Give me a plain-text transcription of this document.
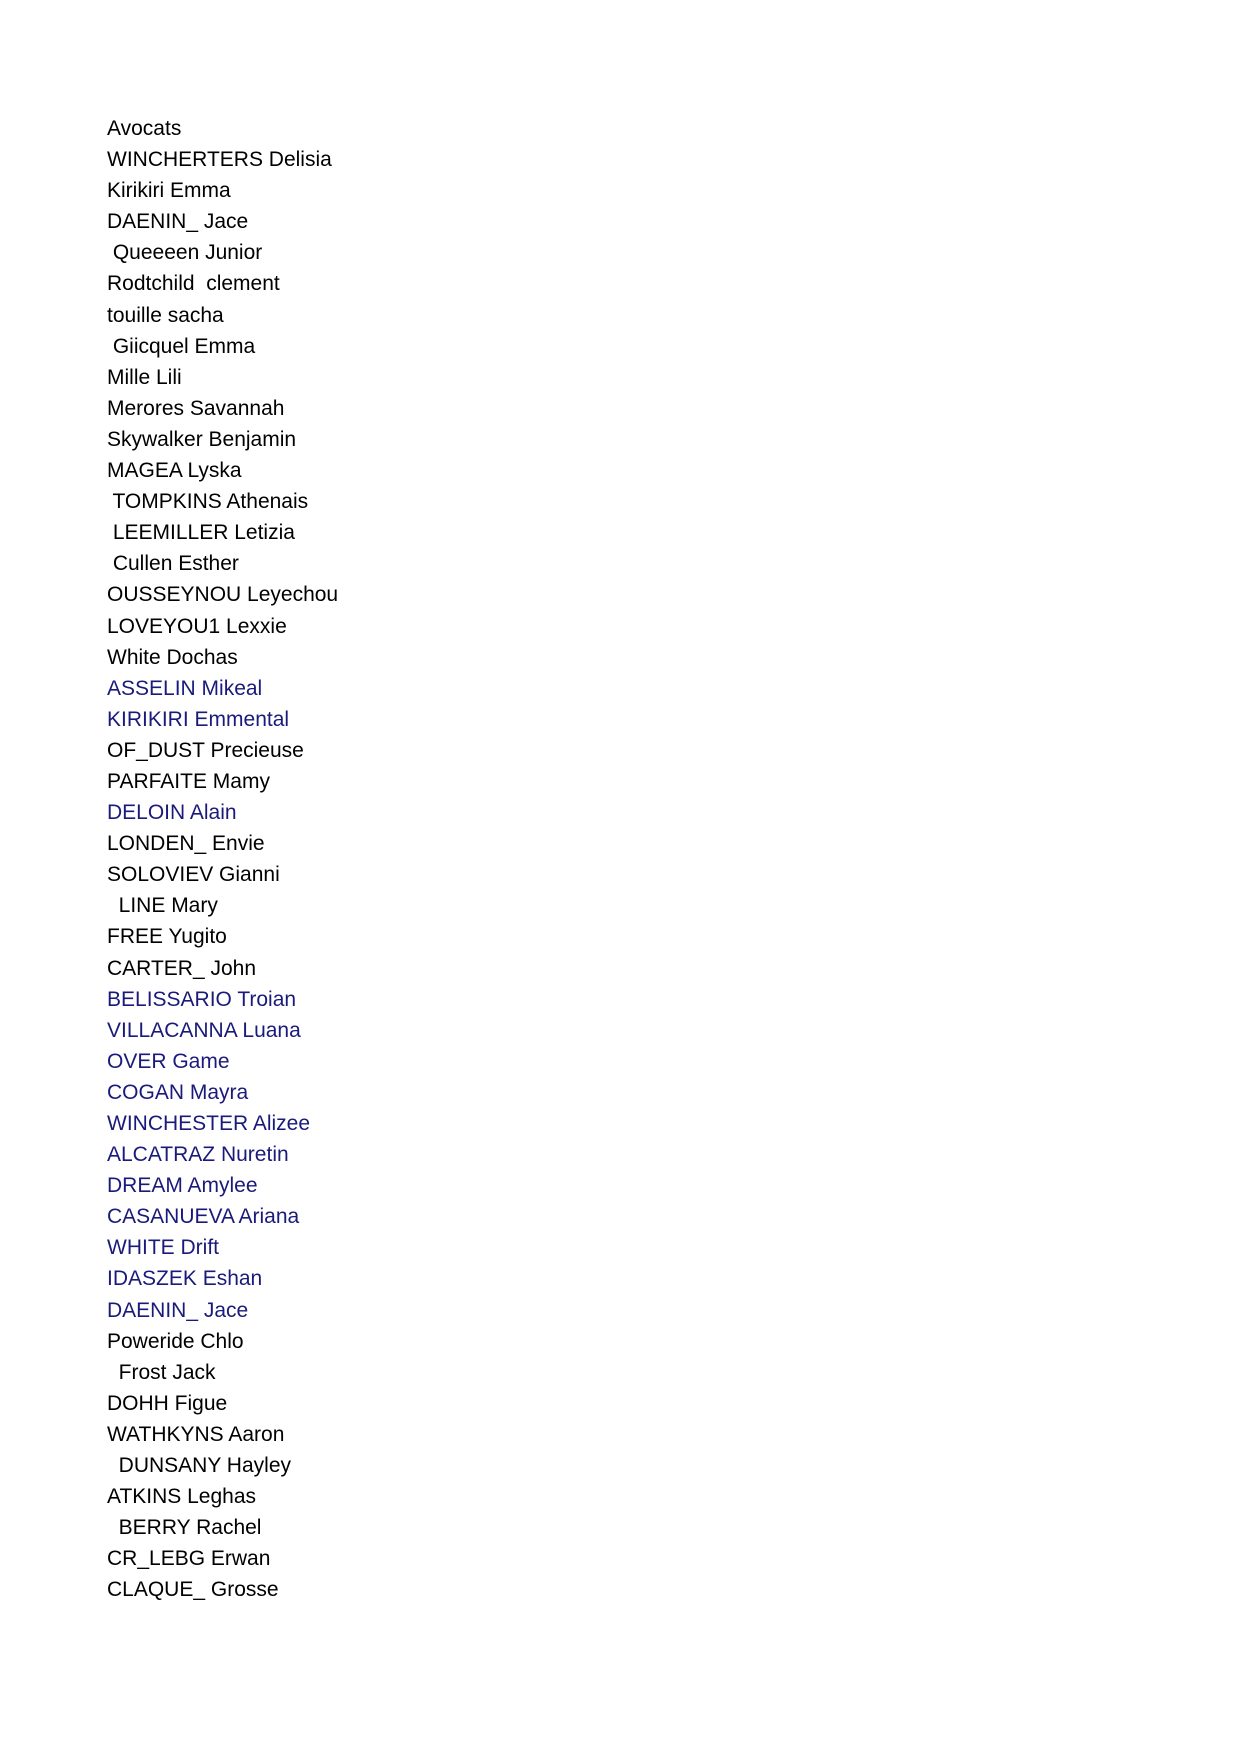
Avocats
WINCHERTERS Delisia
Kirikiri Emma
DAENIN_ Jace
Queeeen Junior
Rodtchild  clement
touille sacha
Giicquel Emma
Mille Lili
Merores Savannah
Skywalker Benjamin
MAGEA Lyska
TOMPKINS Athenais
LEEMILLER Letizia
Cullen Esther
OUSSEYNOU Leyechou
LOVEYOU1 Lexxie
White Dochas
ASSELIN Mikeal
KIRIKIRI Emmental
OF_DUST Precieuse
PARFAITE Mamy
DELOIN Alain
LONDEN_ Envie
SOLOVIEV Gianni
LINE Mary
FREE Yugito
CARTER_ John
BELISSARIO Troian
VILLACANNA Luana
OVER Game
COGAN Mayra
WINCHESTER Alizee
ALCATRAZ Nuretin
DREAM Amylee
CASANUEVA Ariana
WHITE Drift
IDASZEK Eshan
DAENIN_ Jace
Poweride Chlo
Frost Jack
DOHH Figue
WATHKYNS Aaron
DUNSANY Hayley
ATKINS Leghas
BERRY Rachel
CR_LEBG Erwan
CLAQUE_ Grosse
